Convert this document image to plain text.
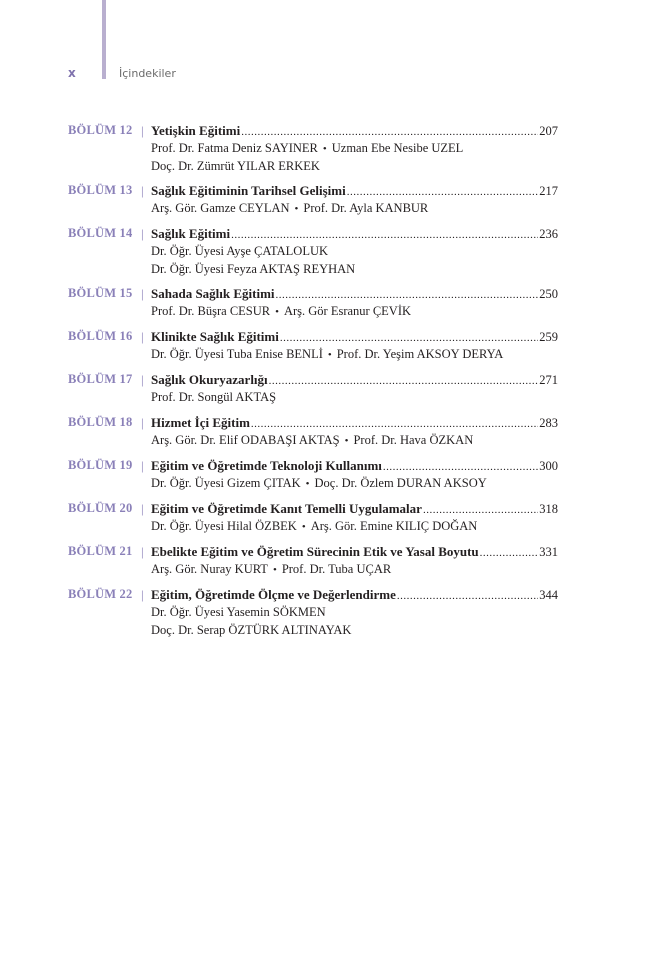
x	İçindekiler
BÖLÜM 12 | Yetişkin Eğitimi .....	207
Prof. Dr. Fatma Deniz SAYINER • Uzman Ebe Nesibe UZEL
Doç. Dr. Zümrüt YILAR ERKEK
BÖLÜM 13 | Sağlık Eğitiminin Tarihsel Gelişimi .....	217
Arş. Gör. Gamze CEYLAN • Prof. Dr. Ayla KANBUR
BÖLÜM 14 | Sağlık Eğitimi .....	236
Dr. Öğr. Üyesi Ayşe ÇATALOLUK
Dr. Öğr. Üyesi Feyza AKTAŞ REYHAN
BÖLÜM 15 | Sahada Sağlık Eğitimi .....	250
Prof. Dr. Büşra CESUR • Arş. Gör Esranur ÇEVİK
BÖLÜM 16 | Klinikte Sağlık Eğitimi .....	259
Dr. Öğr. Üyesi Tuba Enise BENLİ • Prof. Dr. Yeşim AKSOY DERYA
BÖLÜM 17 | Sağlık Okuryazarlığı .....	271
Prof. Dr. Songül AKTAŞ
BÖLÜM 18 | Hizmet İçi Eğitim .....	283
Arş. Gör. Dr. Elif ODABAŞI AKTAŞ • Prof. Dr. Hava ÖZKAN
BÖLÜM 19 | Eğitim ve Öğretimde Teknoloji Kullanımı .....	300
Dr. Öğr. Üyesi Gizem ÇITAK • Doç. Dr. Özlem DURAN AKSOY
BÖLÜM 20 | Eğitim ve Öğretimde Kanıt Temelli Uygulamalar .....	318
Dr. Öğr. Üyesi Hilal ÖZBEK • Arş. Gör. Emine KILIÇ DOĞAN
BÖLÜM 21 | Ebelikte Eğitim ve Öğretim Sürecinin Etik ve Yasal Boyutu .....	331
Arş. Gör. Nuray KURT • Prof. Dr. Tuba UÇAR
BÖLÜM 22 | Eğitim, Öğretimde Ölçme ve Değerlendirme .....	344
Dr. Öğr. Üyesi Yasemin SÖKMEN
Doç. Dr. Serap ÖZTÜRK ALTINAYAK
